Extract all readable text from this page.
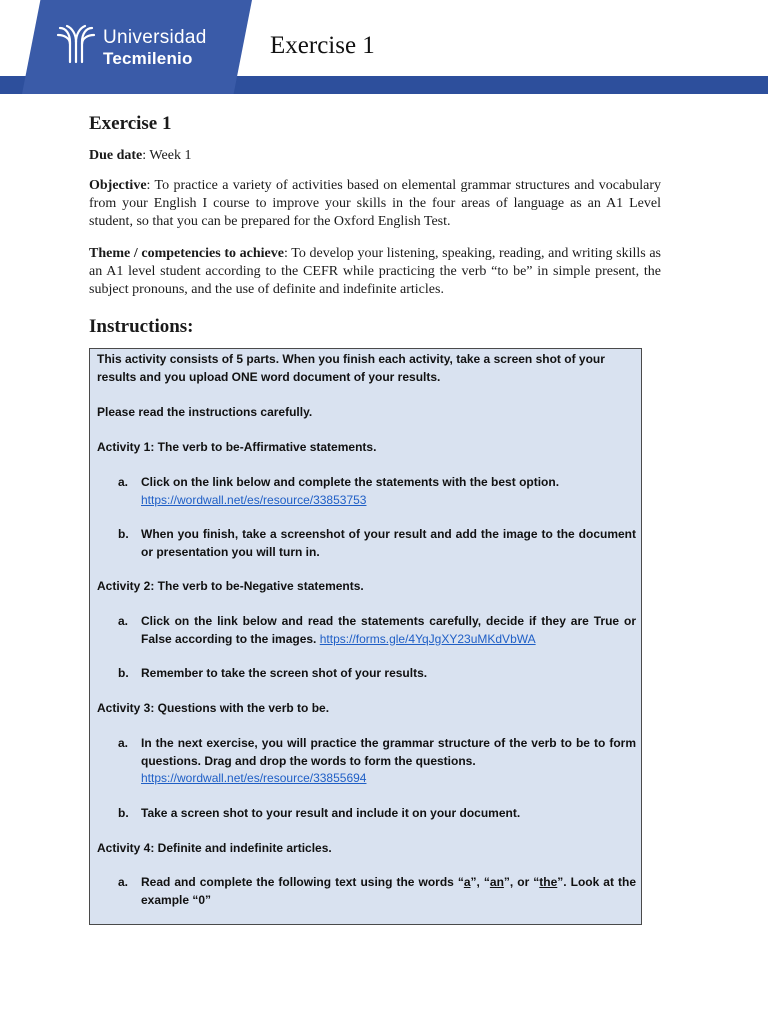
Universidad
Tecmilenio	Exercise 1
Exercise 1
Due date: Week 1
Objective: To practice a variety of activities based on elemental grammar structures and vocabulary from your English I course to improve your skills in the four areas of language as an A1 Level student, so that you can be prepared for the Oxford English Test.
Theme / competencies to achieve: To develop your listening, speaking, reading, and writing skills as an A1 level student according to the CEFR while practicing the verb “to be” in simple present, the subject pronouns, and the use of definite and indefinite articles.
Instructions:
This activity consists of 5 parts. When you finish each activity, take a screen shot of your results and you upload ONE word document of your results.
Please read the instructions carefully.
Activity 1: The verb to be-Affirmative statements.
a. Click on the link below and complete the statements with the best option.
https://wordwall.net/es/resource/33853753
b. When you finish, take a screenshot of your result and add the image to the document or presentation you will turn in.
Activity 2: The verb to be-Negative statements.
a. Click on the link below and read the statements carefully, decide if they are True or False according to the images. https://forms.gle/4YqJgXY23uMKdVbWA
b. Remember to take the screen shot of your results.
Activity 3: Questions with the verb to be.
a. In the next exercise, you will practice the grammar structure of the verb to be to form questions. Drag and drop the words to form the questions.
https://wordwall.net/es/resource/33855694
b. Take a screen shot to your result and include it on your document.
Activity 4: Definite and indefinite articles.
a. Read and complete the following text using the words “a”, “an”, or “the”. Look at the example “0”
